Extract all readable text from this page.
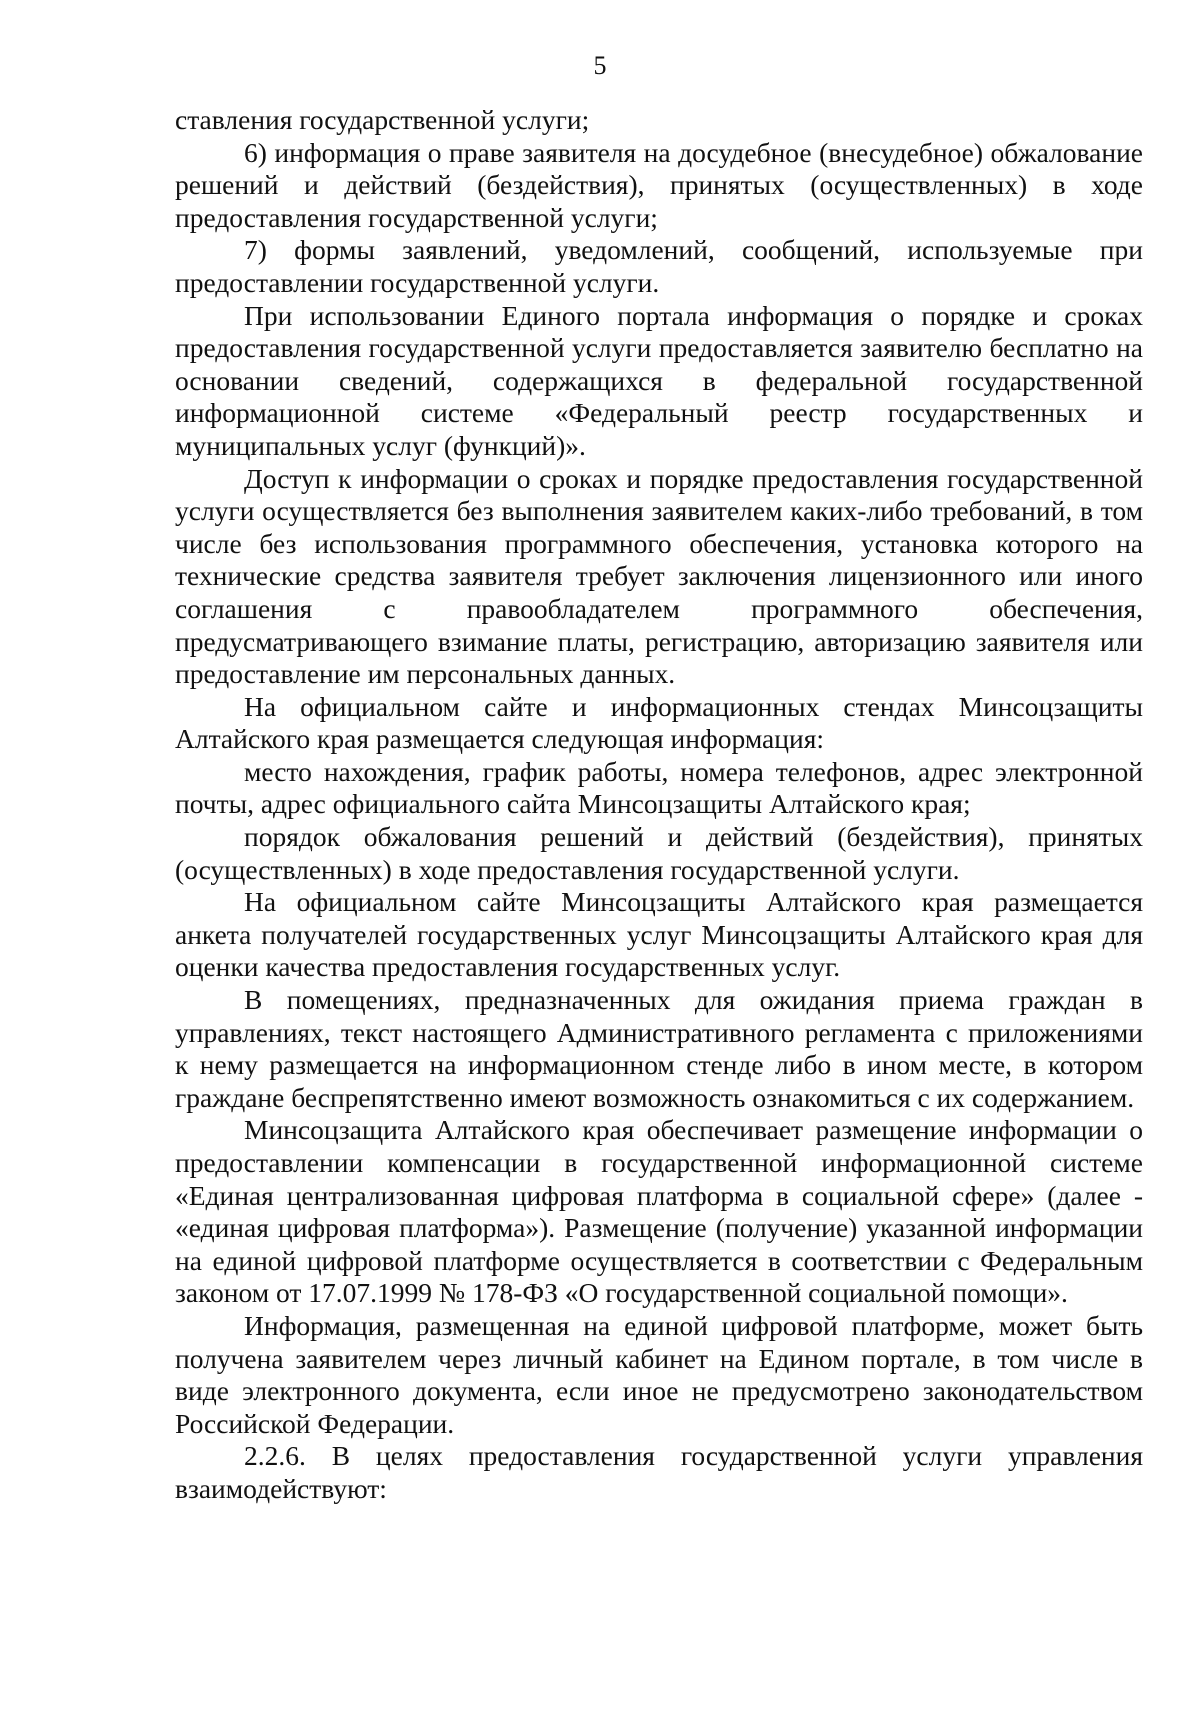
5

ставления государственной услуги;

6) информация о праве заявителя на досудебное (внесудебное) обжалование решений и действий (бездействия), принятых (осуществленных) в ходе предоставления государственной услуги;

7) формы заявлений, уведомлений, сообщений, используемые при предоставлении государственной услуги.

При использовании Единого портала информация о порядке и сроках предоставления государственной услуги предоставляется заявителю бесплатно на основании сведений, содержащихся в федеральной государственной информационной системе «Федеральный реестр государственных и муниципальных услуг (функций)».

Доступ к информации о сроках и порядке предоставления государственной услуги осуществляется без выполнения заявителем каких-либо требований, в том числе без использования программного обеспечения, установка которого на технические средства заявителя требует заключения лицензионного или иного соглашения с правообладателем программного обеспечения, предусматривающего взимание платы, регистрацию, авторизацию заявителя или предоставление им персональных данных.

На официальном сайте и информационных стендах Минсоцзащиты Алтайского края размещается следующая информация:

место нахождения, график работы, номера телефонов, адрес электронной почты, адрес официального сайта Минсоцзащиты Алтайского края;

порядок обжалования решений и действий (бездействия), принятых (осуществленных) в ходе предоставления государственной услуги.

На официальном сайте Минсоцзащиты Алтайского края размещается анкета получателей государственных услуг Минсоцзащиты Алтайского края для оценки качества предоставления государственных услуг.

В помещениях, предназначенных для ожидания приема граждан в управлениях, текст настоящего Административного регламента с приложениями к нему размещается на информационном стенде либо в ином месте, в котором граждане беспрепятственно имеют возможность ознакомиться с их содержанием.

Минсоцзащита Алтайского края обеспечивает размещение информации о предоставлении компенсации в государственной информационной системе «Единая централизованная цифровая платформа в социальной сфере» (далее - «единая цифровая платформа»). Размещение (получение) указанной информации на единой цифровой платформе осуществляется в соответствии с Федеральным законом от 17.07.1999 № 178-ФЗ «О государственной социальной помощи».

Информация, размещенная на единой цифровой платформе, может быть получена заявителем через личный кабинет на Едином портале, в том числе в виде электронного документа, если иное не предусмотрено законодательством Российской Федерации.

2.2.6. В целях предоставления государственной услуги управления взаимодействуют:
